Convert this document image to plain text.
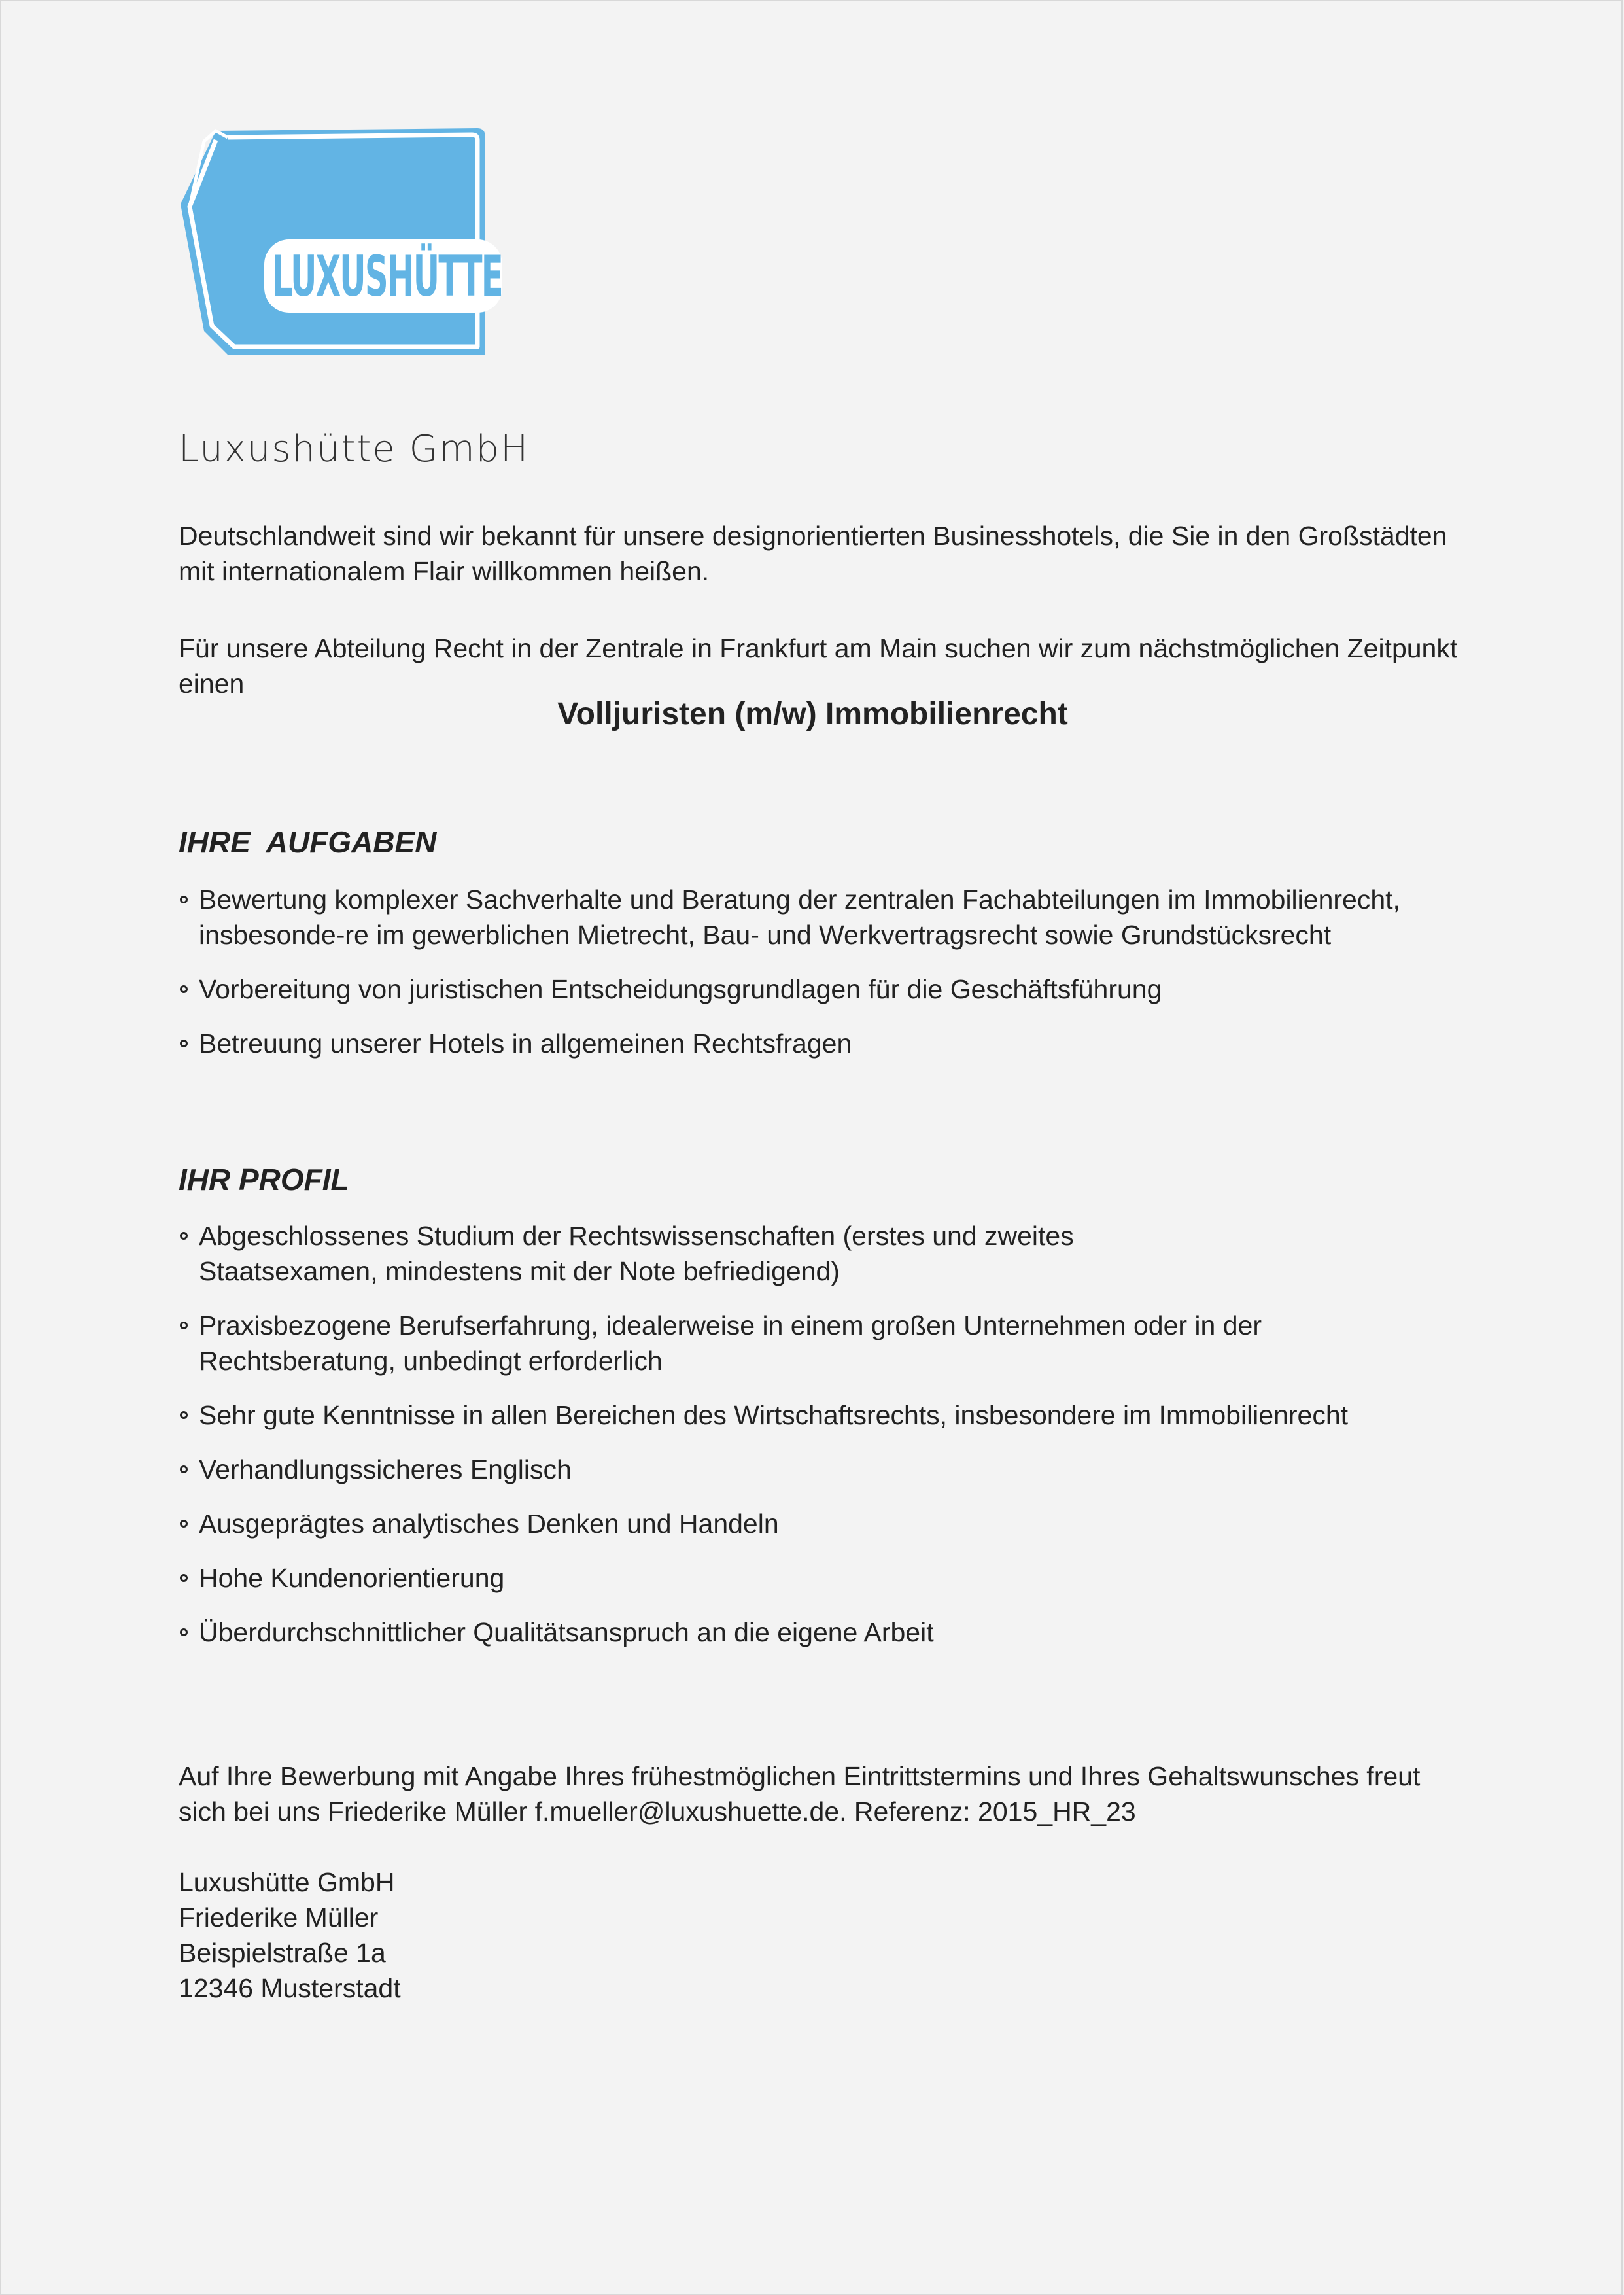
LUXUSHÜTTE
Luxushütte GmbH

Deutschlandweit sind wir bekannt für unsere designorientierten Businesshotels, die Sie in den Großstädten mit internationalem Flair willkommen heißen.

Für unsere Abteilung Recht in der Zentrale in Frankfurt am Main suchen wir zum nächstmöglichen Zeitpunkt einen

Volljuristen (m/w) Immobilienrecht
IHRE  AUFGABEN
Bewertung komplexer Sachverhalte und Beratung der zentralen Fachabteilungen im Immobilienrecht, insbesonde-re im gewerblichen Mietrecht, Bau- und Werkvertragsrecht sowie Grundstücksrecht
Vorbereitung von juristischen Entscheidungsgrundlagen für die Geschäftsführung
Betreuung unserer Hotels in allgemeinen Rechtsfragen
IHR PROFIL
Abgeschlossenes Studium der Rechtswissenschaften (erstes und zweites Staatsexamen, mindestens mit der Note befriedigend)
Praxisbezogene Berufserfahrung, idealerweise in einem großen Unternehmen oder in der Rechtsberatung, unbedingt erforderlich
Sehr gute Kenntnisse in allen Bereichen des Wirtschaftsrechts, insbesondere im Immobilienrecht
Verhandlungssicheres Englisch
Ausgeprägtes analytisches Denken und Handeln
Hohe Kundenorientierung
Überdurchschnittlicher Qualitätsanspruch an die eigene Arbeit

Auf Ihre Bewerbung mit Angabe Ihres frühestmöglichen Eintrittstermins und Ihres Gehaltswunsches freut sich bei uns Friederike Müller f.mueller@luxushuette.de. Referenz: 2015_HR_23

Luxushütte GmbH
Friederike Müller
Beispielstraße 1a
12346 Musterstadt
